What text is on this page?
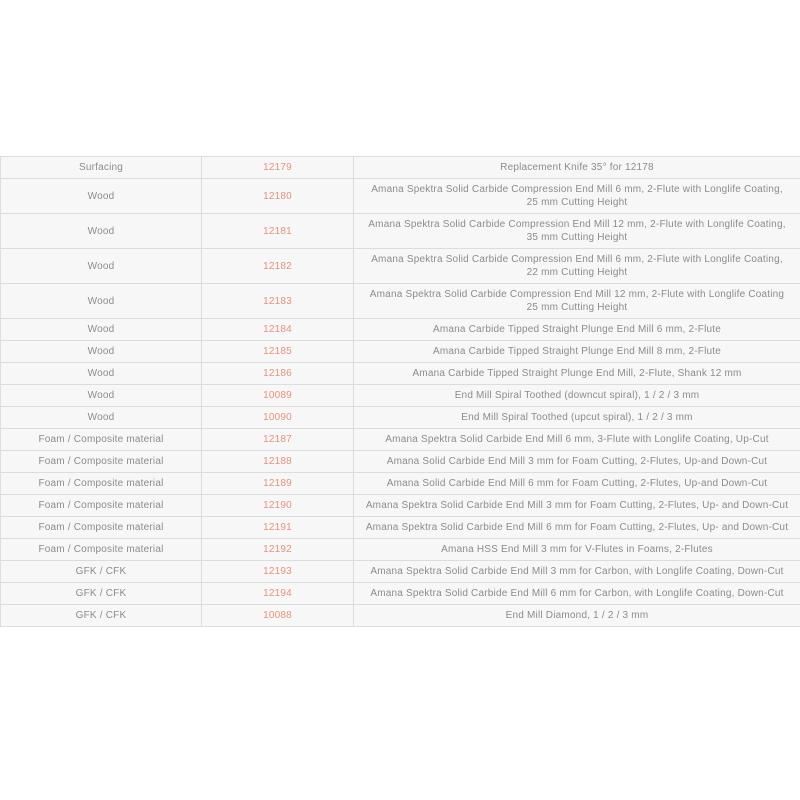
Surfacing	12179	Replacement Knife 35° for 12178
Wood	12180	Amana Spektra Solid Carbide Compression End Mill 6 mm, 2-Flute with Longlife Coating, 25 mm Cutting Height
Wood	12181	Amana Spektra Solid Carbide Compression End Mill 12 mm, 2-Flute with Longlife Coating, 35 mm Cutting Height
Wood	12182	Amana Spektra Solid Carbide Compression End Mill 6 mm, 2-Flute with Longlife Coating, 22 mm Cutting Height
Wood	12183	Amana Spektra Solid Carbide Compression End Mill 12 mm, 2-Flute with Longlife Coating 25 mm Cutting Height
Wood	12184	Amana Carbide Tipped Straight Plunge End Mill 6 mm, 2-Flute
Wood	12185	Amana Carbide Tipped Straight Plunge End Mill 8 mm, 2-Flute
Wood	12186	Amana Carbide Tipped Straight Plunge End Mill, 2-Flute, Shank 12 mm
Wood	10089	End Mill Spiral Toothed (downcut spiral), 1 / 2 / 3 mm
Wood	10090	End Mill Spiral Toothed (upcut spiral), 1 / 2 / 3 mm
Foam / Composite material	12187	Amana Spektra Solid Carbide End Mill 6 mm, 3-Flute with Longlife Coating, Up-Cut
Foam / Composite material	12188	Amana Solid Carbide End Mill 3 mm for Foam Cutting, 2-Flutes, Up-and Down-Cut
Foam / Composite material	12189	Amana Solid Carbide End Mill 6 mm for Foam Cutting, 2-Flutes, Up-and Down-Cut
Foam / Composite material	12190	Amana Spektra Solid Carbide End Mill 3 mm for Foam Cutting, 2-Flutes, Up- and Down-Cut
Foam / Composite material	12191	Amana Spektra Solid Carbide End Mill 6 mm for Foam Cutting, 2-Flutes, Up- and Down-Cut
Foam / Composite material	12192	Amana HSS End Mill 3 mm for V-Flutes in Foams, 2-Flutes
GFK / CFK	12193	Amana Spektra Solid Carbide End Mill 3 mm for Carbon, with Longlife Coating, Down-Cut
GFK / CFK	12194	Amana Spektra Solid Carbide End Mill 6 mm for Carbon, with Longlife Coating, Down-Cut
GFK / CFK	10088	End Mill Diamond, 1 / 2 / 3 mm
